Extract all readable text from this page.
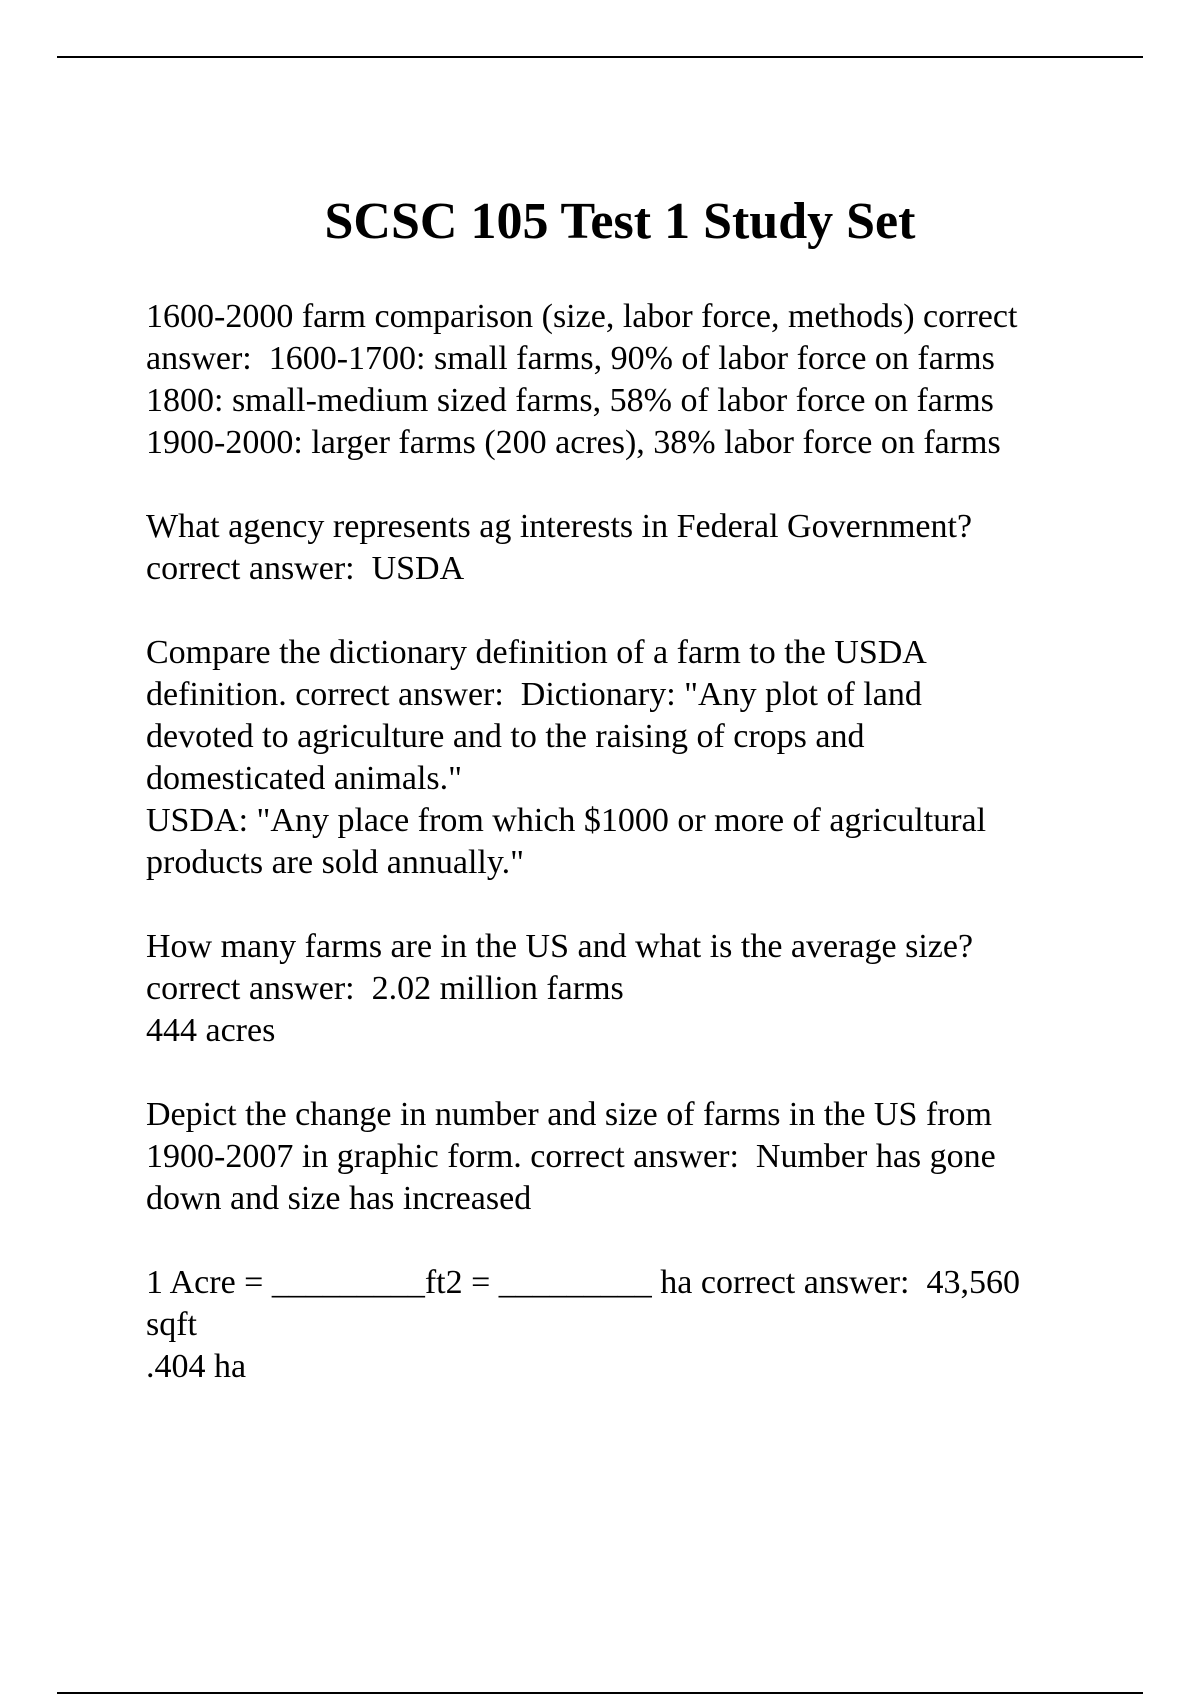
SCSC 105 Test 1 Study Set
1600-2000 farm comparison (size, labor force, methods) correct
answer:  1600-1700: small farms, 90% of labor force on farms
1800: small-medium sized farms, 58% of labor force on farms
1900-2000: larger farms (200 acres), 38% labor force on farms
What agency represents ag interests in Federal Government?
correct answer:  USDA
Compare the dictionary definition of a farm to the USDA
definition. correct answer:  Dictionary: "Any plot of land
devoted to agriculture and to the raising of crops and
domesticated animals."
USDA: "Any place from which $1000 or more of agricultural
products are sold annually."
How many farms are in the US and what is the average size?
correct answer:  2.02 million farms
444 acres
Depict the change in number and size of farms in the US from
1900-2007 in graphic form. correct answer:  Number has gone
down and size has increased
1 Acre = _________ft2 = _________ ha correct answer:  43,560
sqft
.404 ha
